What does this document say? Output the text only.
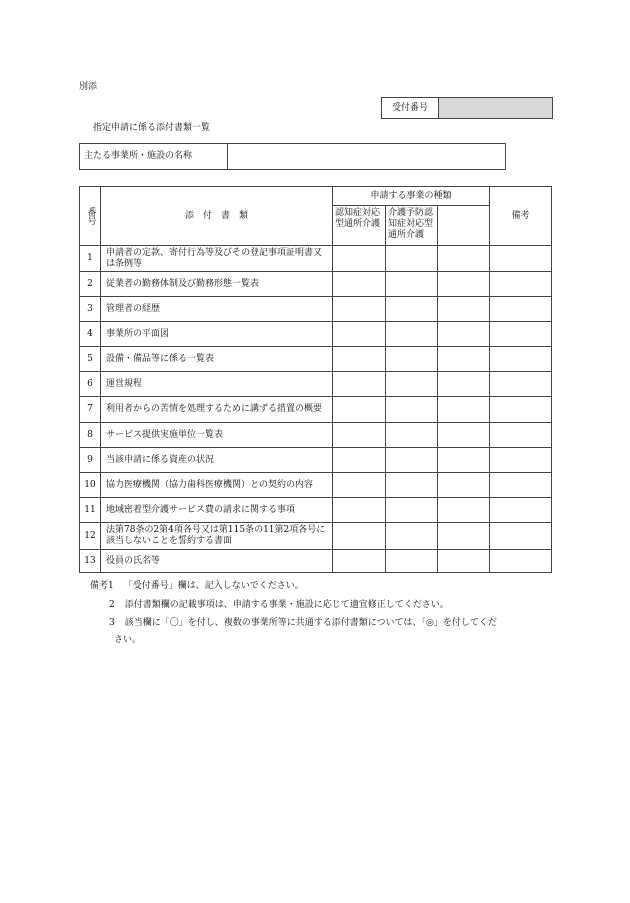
別添
受付番号
指定申請に係る添付書類一覧
主たる事業所・施設の名称
番号	添　付　書　類	申請する事業の種類			備考
		認知症対応型通所介護	介護予防認知症対応型通所介護		
1	申請者の定款、寄付行為等及びその登記事項証明書又は条例等				
2	従業者の勤務体制及び勤務形態一覧表				
3	管理者の経歴				
4	事業所の平面図				
5	設備・備品等に係る一覧表				
6	運営規程				
7	利用者からの苦情を処理するために講ずる措置の概要				
8	サービス提供実施単位一覧表				
9	当該申請に係る資産の状況				
10	協力医療機関（協力歯科医療機関）との契約の内容				
11	地域密着型介護サービス費の請求に関する事項				
12	法第78条の2第4項各号又は第115条の11第2項各号に該当しないことを誓約する書面				
13	役員の氏名等				
備考1 「受付番号」欄は、記入しないでください。
2 添付書類欄の記載事項は、申請する事業・施設に応じて適宜修正してください。
3 該当欄に「〇」を付し、複数の事業所等に共通する添付書類については、「◎」を付してくだ
さい。
